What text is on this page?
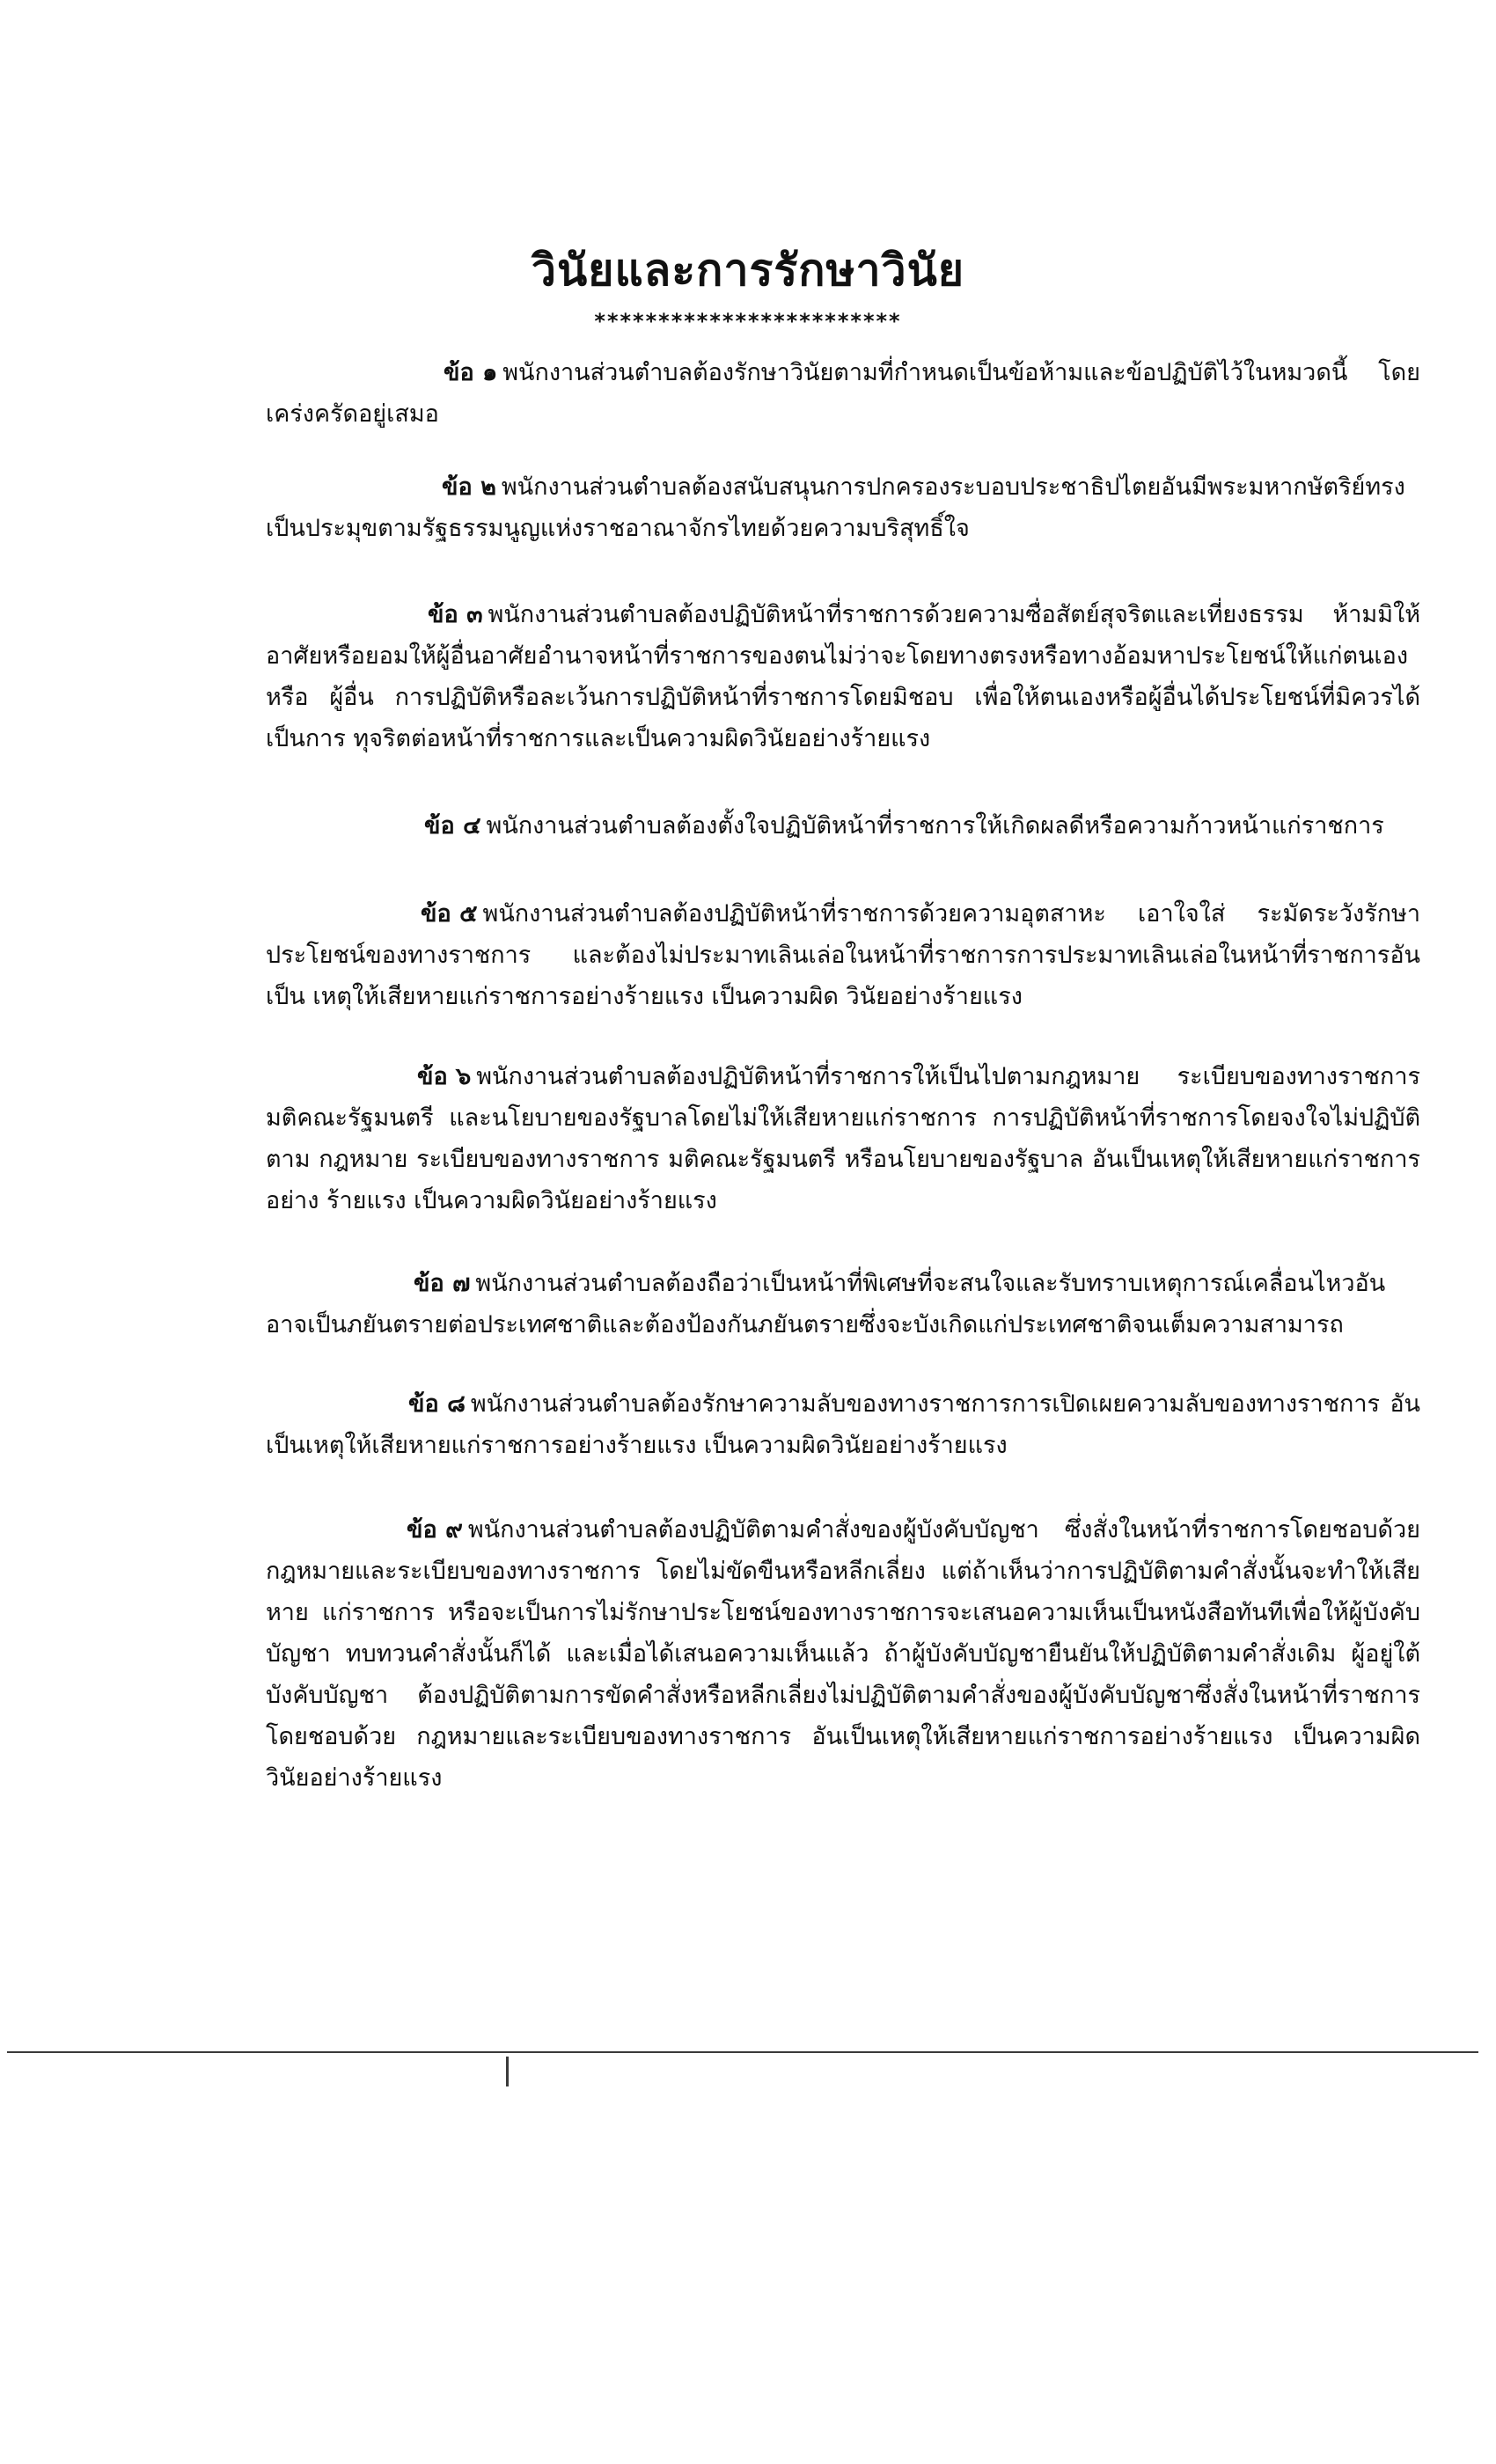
วินัยและการรักษาวินัย
************************
ข้อ ๑ พนักงานส่วนตำบลต้องรักษาวินัยตามที่กำหนดเป็นข้อห้ามและข้อปฏิบัติไว้ในหมวดนี้ โดยเคร่งครัดอยู่เสมอ
ข้อ ๒ พนักงานส่วนตำบลต้องสนับสนุนการปกครองระบอบประชาธิปไตยอันมีพระมหากษัตริย์ทรง เป็นประมุขตามรัฐธรรมนูญแห่งราชอาณาจักรไทยด้วยความบริสุทธิ์ใจ
ข้อ ๓ พนักงานส่วนตำบลต้องปฏิบัติหน้าที่ราชการด้วยความซื่อสัตย์สุจริตและเที่ยงธรรม ห้ามมิให้ อาศัยหรือยอมให้ผู้อื่นอาศัยอำนาจหน้าที่ราชการของตนไม่ว่าจะโดยทางตรงหรือทางอ้อมหาประโยชน์ให้แก่ตนเองหรือ ผู้อื่น การปฏิบัติหรือละเว้นการปฏิบัติหน้าที่ราชการโดยมิชอบ เพื่อให้ตนเองหรือผู้อื่นได้ประโยชน์ที่มิควรได้ เป็นการ ทุจริตต่อหน้าที่ราชการและเป็นความผิดวินัยอย่างร้ายแรง
ข้อ ๔ พนักงานส่วนตำบลต้องตั้งใจปฏิบัติหน้าที่ราชการให้เกิดผลดีหรือความก้าวหน้าแก่ราชการ
ข้อ ๕ พนักงานส่วนตำบลต้องปฏิบัติหน้าที่ราชการด้วยความอุตสาหะ เอาใจใส่ ระมัดระวังรักษา ประโยชน์ของทางราชการ และต้องไม่ประมาทเลินเล่อในหน้าที่ราชการการประมาทเลินเล่อในหน้าที่ราชการอันเป็น เหตุให้เสียหายแก่ราชการอย่างร้ายแรง เป็นความผิด วินัยอย่างร้ายแรง
ข้อ ๖ พนักงานส่วนตำบลต้องปฏิบัติหน้าที่ราชการให้เป็นไปตามกฎหมาย ระเบียบของทางราชการ มติคณะรัฐมนตรี และนโยบายของรัฐบาลโดยไม่ให้เสียหายแก่ราชการ การปฏิบัติหน้าที่ราชการโดยจงใจไม่ปฏิบัติตาม กฎหมาย ระเบียบของทางราชการ มติคณะรัฐมนตรี หรือนโยบายของรัฐบาล อันเป็นเหตุให้เสียหายแก่ราชการอย่าง ร้ายแรง เป็นความผิดวินัยอย่างร้ายแรง
ข้อ ๗ พนักงานส่วนตำบลต้องถือว่าเป็นหน้าที่พิเศษที่จะสนใจและรับทราบเหตุการณ์เคลื่อนไหวอัน อาจเป็นภยันตรายต่อประเทศชาติและต้องป้องกันภยันตรายซึ่งจะบังเกิดแก่ประเทศชาติจนเต็มความสามารถ
ข้อ ๘ พนักงานส่วนตำบลต้องรักษาความลับของทางราชการการเปิดเผยความลับของทางราชการ อันเป็นเหตุให้เสียหายแก่ราชการอย่างร้ายแรง เป็นความผิดวินัยอย่างร้ายแรง
ข้อ ๙ พนักงานส่วนตำบลต้องปฏิบัติตามคำสั่งของผู้บังคับบัญชา ซึ่งสั่งในหน้าที่ราชการโดยชอบด้วย กฎหมายและระเบียบของทางราชการ โดยไม่ขัดขืนหรือหลีกเลี่ยง แต่ถ้าเห็นว่าการปฏิบัติตามคำสั่งนั้นจะทำให้เสียหาย แก่ราชการ หรือจะเป็นการไม่รักษาประโยชน์ของทางราชการจะเสนอความเห็นเป็นหนังสือทันทีเพื่อให้ผู้บังคับบัญชา ทบทวนคำสั่งนั้นก็ได้ และเมื่อได้เสนอความเห็นแล้ว ถ้าผู้บังคับบัญชายืนยันให้ปฏิบัติตามคำสั่งเดิม ผู้อยู่ใต้บังคับบัญชา ต้องปฏิบัติตามการขัดคำสั่งหรือหลีกเลี่ยงไม่ปฏิบัติตามคำสั่งของผู้บังคับบัญชาซึ่งสั่งในหน้าที่ราชการโดยชอบด้วย กฎหมายและระเบียบของทางราชการ อันเป็นเหตุให้เสียหายแก่ราชการอย่างร้ายแรง เป็นความผิดวินัยอย่างร้ายแรง
